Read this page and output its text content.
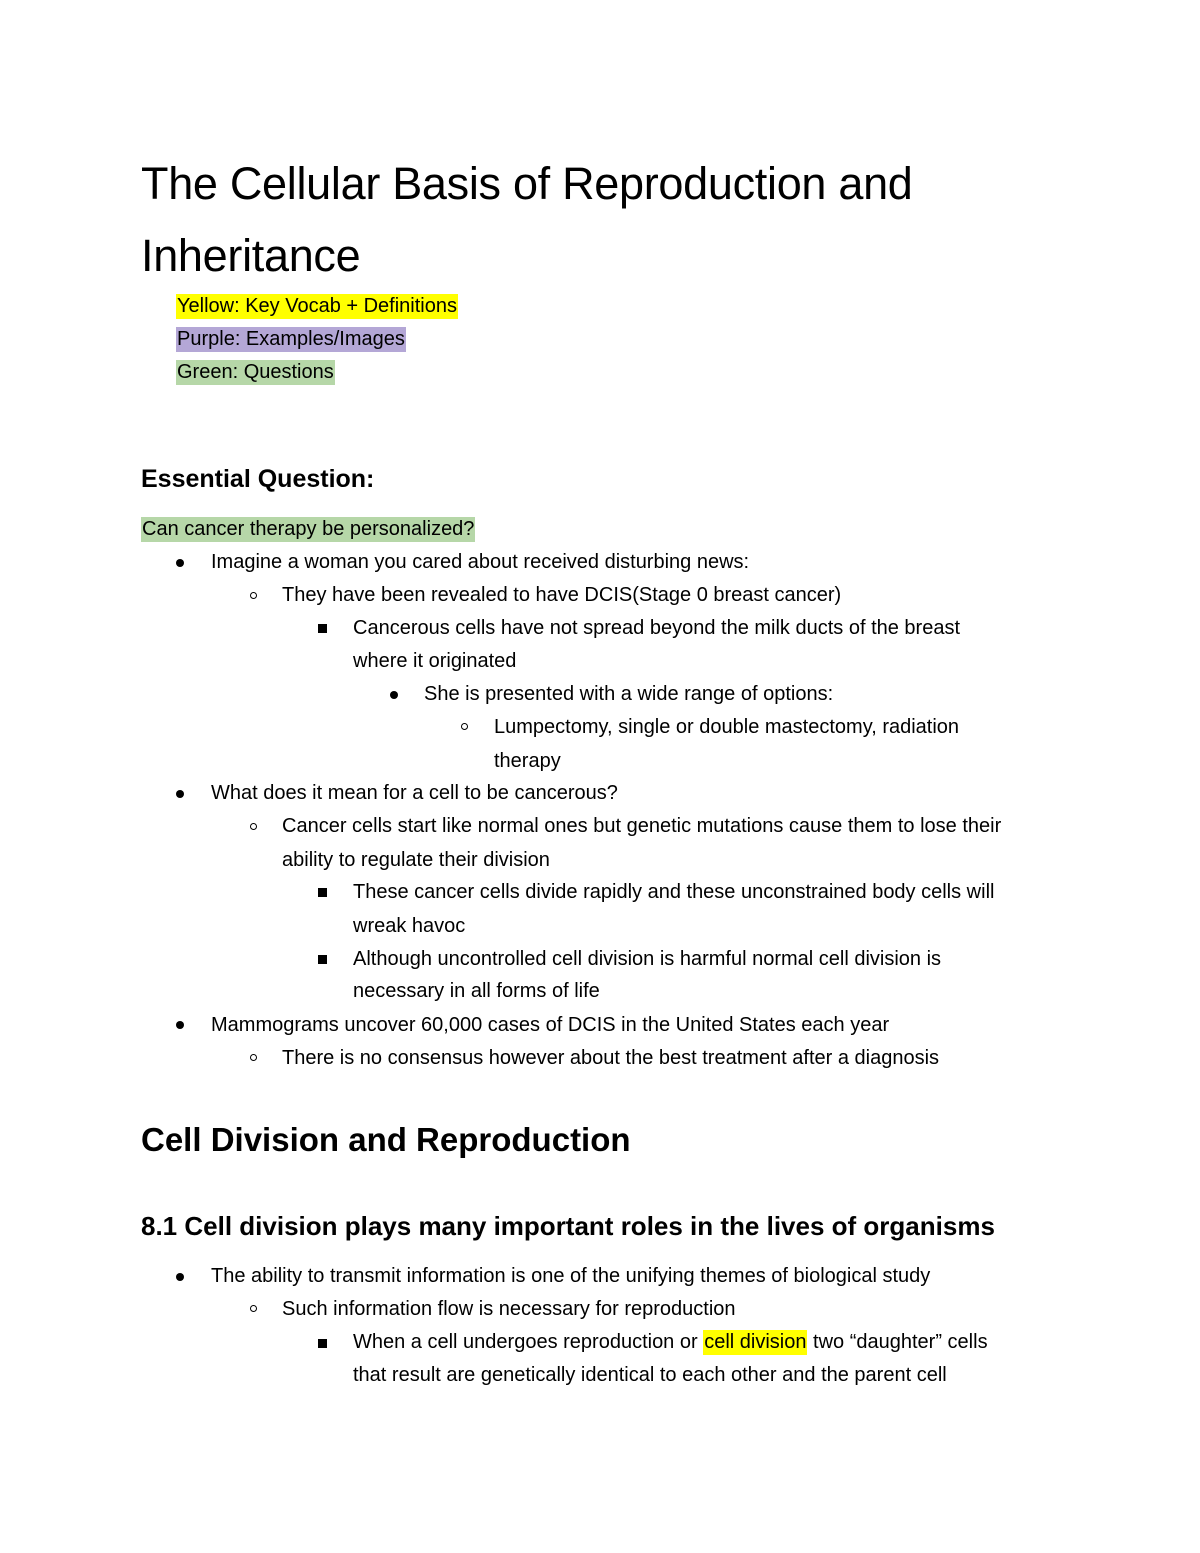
The Cellular Basis of Reproduction and Inheritance
Yellow: Key Vocab + Definitions
Purple: Examples/Images
Green: Questions
Essential Question:
Can cancer therapy be personalized?
Imagine a woman you cared about received disturbing news:
They have been revealed to have DCIS(Stage 0 breast cancer)
Cancerous cells have not spread beyond the milk ducts of the breast
where it originated
She is presented with a wide range of options:
Lumpectomy, single or double mastectomy, radiation
therapy
What does it mean for a cell to be cancerous?
Cancer cells start like normal ones but genetic mutations cause them to lose their
ability to regulate their division
These cancer cells divide rapidly and these unconstrained body cells will
wreak havoc
Although uncontrolled cell division is harmful normal cell division is
necessary in all forms of life
Mammograms uncover 60,000 cases of DCIS in the United States each year
There is no consensus however about the best treatment after a diagnosis
Cell Division and Reproduction
8.1 Cell division plays many important roles in the lives of organisms
The ability to transmit information is one of the unifying themes of biological study
Such information flow is necessary for reproduction
When a cell undergoes reproduction or cell division two “daughter” cells
that result are genetically identical to each other and the parent cell
